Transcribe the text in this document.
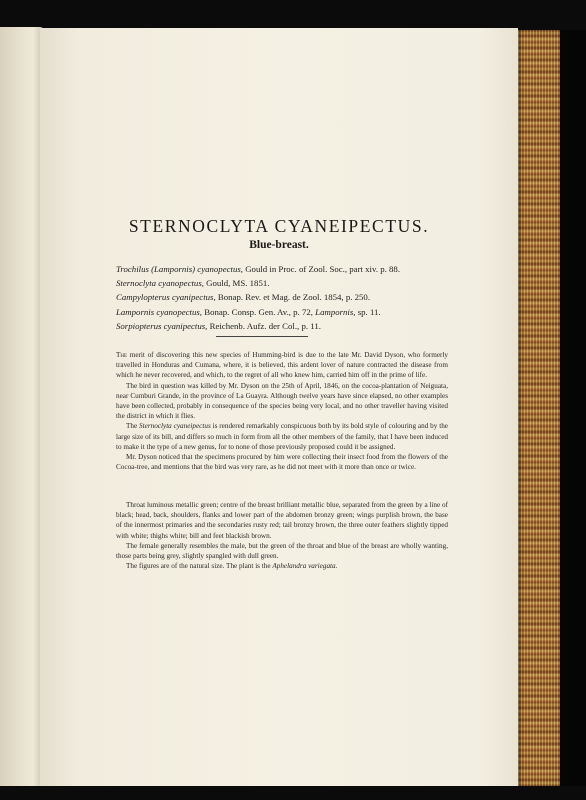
STERNOCLYTA CYANEIPECTUS.
Blue-breast.
Trochilus (Lampornis) cyanopectus, Gould in Proc. of Zool. Soc., part xiv. p. 88.
Sternoclyta cyanopectus, Gould, MS. 1851.
Campylopterus cyanipectus, Bonap. Rev. et Mag. de Zool. 1854, p. 250.
Lampornis cyanopectus, Bonap. Consp. Gen. Av., p. 72, Lampornis, sp. 11.
Sorpiopterus cyanipectus, Reichenb. Aufz. der Col., p. 11.

The merit of discovering this new species of Humming-bird is due to the late Mr. David Dyson, who formerly travelled in Honduras and Cumana, where, it is believed, this ardent lover of nature contracted the disease from which he never recovered, and which, to the regret of all who knew him, carried him off in the prime of life.

The bird in question was killed by Mr. Dyson on the 25th of April, 1846, on the cocoa-plantation of Neiguata, near Cumburi Grande, in the province of La Guayra. Although twelve years have since elapsed, no other examples have been collected, probably in consequence of the species being very local, and no other traveller having visited the district in which it flies.

The Sternoclyta cyaneipectus is rendered remarkably conspicuous both by its bold style of colouring and by the large size of its bill, and differs so much in form from all the other members of the family, that I have been induced to make it the type of a new genus, for to none of those previously proposed could it be assigned.

Mr. Dyson noticed that the specimens procured by him were collecting their insect food from the flowers of the Cocoa-tree, and mentions that the bird was very rare, as he did not meet with it more than once or twice.

Throat luminous metallic green; centre of the breast brilliant metallic blue, separated from the green by a line of black; head, back, shoulders, flanks and lower part of the abdomen bronzy green; wings purplish brown, the base of the innermost primaries and the secondaries rusty red; tail bronzy brown, the three outer feathers slightly tipped with white; thighs white; bill and feet blackish brown.

The female generally resembles the male, but the green of the throat and blue of the breast are wholly wanting, those parts being grey, slightly spangled with dull green.

The figures are of the natural size. The plant is the Aphelandra variegata.
